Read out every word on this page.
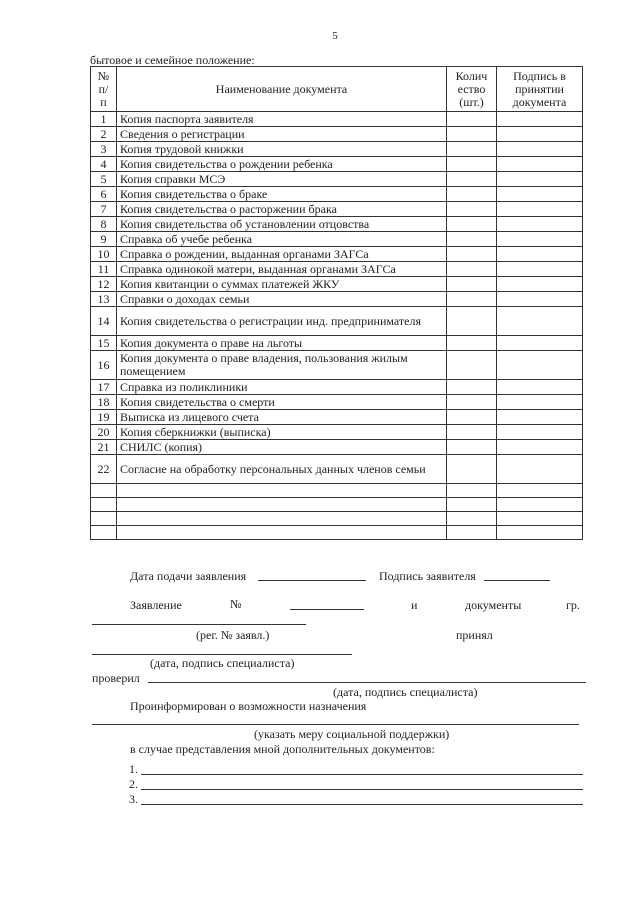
5
бытовое и семейное положение:
№ п/ п	Наименование документа	Колич ество (шт.)	Подпись в принятии документа
1	Копия паспорта заявителя		
2	Сведения о регистрации		
3	Копия трудовой книжки		
4	Копия свидетельства о рождении ребенка		
5	Копия справки МСЭ		
6	Копия свидетельства о браке		
7	Копия свидетельства о расторжении брака		
8	Копия свидетельства об установлении отцовства		
9	Справка об учебе ребенка		
10	Справка о рождении, выданная органами ЗАГСа		
11	Справка одинокой матери, выданная органами ЗАГСа		
12	Копия квитанции о суммах платежей ЖКУ		
13	Справки о доходах семьи		
14	Копия свидетельства о регистрации инд. предпринимателя		
15	Копия документа о праве на льготы		
16	Копия документа о праве владения, пользования жилым помещением		
17	Справка из поликлиники		
18	Копия свидетельства о смерти		
19	Выписка из лицевого счета		
20	Копия сберкнижки (выписка)		
21	СНИЛС (копия)		
22	Согласие на обработку персональных данных членов семьи		

Дата подачи заявления	Подпись заявителя
Заявление	№	и	документы	гр.
(рег. № заявл.)	принял
(дата, подпись специалиста)
проверил
(дата, подпись специалиста)
Проинформирован о возможности назначения
(указать меру социальной поддержки)
в случае представления мной дополнительных документов:
1.
2.
3.
